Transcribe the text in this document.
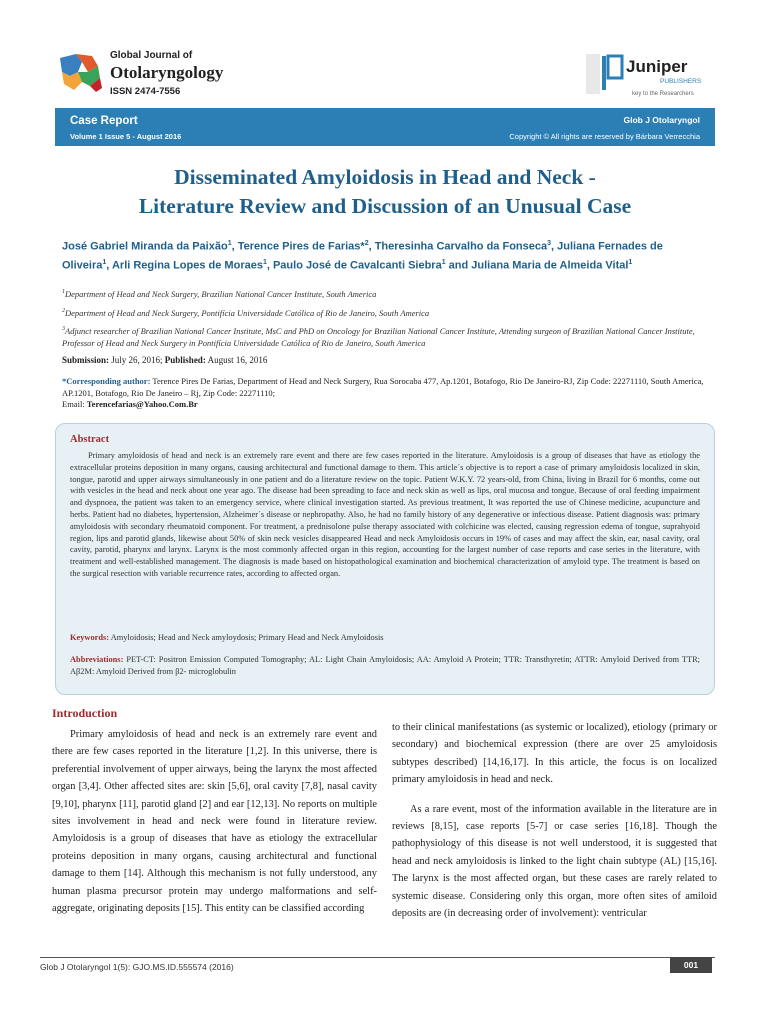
Global Journal of
Otolaryngology
ISSN 2474-7556
Juniper
PUBLISHERS
key to the Researchers
Case Report
Volume 1 Issue 5 - August 2016
Glob J Otolaryngol
Copyright © All rights are reserved by Bárbara Verrecchia
Disseminated Amyloidosis in Head and Neck -
Literature Review and Discussion of an Unusual Case
José Gabriel Miranda da Paixão$^1$, Terence Pires de Farias*$^2$, Theresinha Carvalho da Fonseca$^3$, Juliana Fernades de Oliveira$^1$, Arli Regina Lopes de Moraes$^1$, Paulo José de Cavalcanti Siebra$^1$ and Juliana Maria de Almeida Vital$^1$
$^1$Department of Head and Neck Surgery, Brazilian National Cancer Institute, South America
$^2$Department of Head and Neck Surgery, Pontifícia Universidade Católica of Rio de Janeiro, South America
$^3$Adjunct researcher of Brazilian National Cancer Institute, MsC and PhD on Oncology for Brazilian National Cancer Institute, Attending surgeon of Brazilian National Cancer Institute, Professor of Head and Neck Surgery in Pontifícia Universidade Católica of Rio de Janeiro, South America
Submission: July 26, 2016; Published: August 16, 2016
*Corresponding author: Terence Pires De Farias, Department of Head and Neck Surgery, Rua Sorocaba 477, Ap.1201, Botafogo, Rio De Janeiro-RJ, Zip Code: 22271110, South America, AP.1201, Botafogo, Rio De Janeiro – Rj, Zip Code: 22271110;
Email: Terencefarias@Yahoo.Com.Br
Abstract
Primary amyloidosis of head and neck is an extremely rare event and there are few cases reported in the literature. Amyloidosis is a group of diseases that have as etiology the extracellular proteins deposition in many organs, causing architectural and functional damage to them. This article´s objective is to report a case of primary amyloidosis localized in skin, tongue, parotid and upper airways simultaneously in one patient and do a literature review on the topic. Patient W.K.Y. 72 years-old, from China, living in Brazil for 6 months, come out with vesicles in the head and neck about one year ago. The disease had been spreading to face and neck skin as well as lips, oral mucosa and tongue. Because of oral feeding impairment and dyspnoea, the patient was taken to an emergency service, where clinical investigation started. As previous treatment, It was reported the use of Chinese medicine, acupuncture and herbs. Patient had no diabetes, hypertension, Alzheimer´s disease or nephropathy. Also, he had no family history of any degenerative or infectious disease. Patient diagnosis was: primary amyloidosis with secondary rheumatoid component. For treatment, a prednisolone pulse therapy associated with colchicine was elected, causing regression edema of tongue, suprahyoid region, lips and parotid glands, likewise about 50% of skin neck vesicles disappeared Head and neck Amyloidosis occurs in 19% of cases and may affect the skin, ear, nasal cavity, oral cavity, parotid, pharynx and larynx. Larynx is the most commonly affected organ in this region, accounting for the largest number of case reports and case series in the literature, with treatment and well-established management. The diagnosis is made based on histopathological examination and biochemical characterization of amyloid type. The treatment is based on the surgical resection with variable recurrence rates, according to affected organ.
Keywords: Amyloidosis; Head and Neck amyloydosis; Primary Head and Neck Amyloidosis
Abbreviations: PET-CT: Positron Emission Computed Tomography; AL: Light Chain Amyloidosis; AA: Amyloid A Protein; TTR: Transthyretin; ATTR: Amyloid Derived from TTR; Aβ2M: Amyloid Derived from β2- microglobulin
Introduction

Primary amyloidosis of head and neck is an extremely rare event and there are few cases reported in the literature [1,2]. In this universe, there is preferential involvement of upper airways, being the larynx the most affected organ [3,4]. Other affected sites are: skin [5,6], oral cavity [7,8], nasal cavity [9,10], pharynx [11], parotid gland [2] and ear [12,13]. No reports on multiple sites involvement in head and neck were found in literature review. Amyloidosis is a group of diseases that have as etiology the extracellular proteins deposition in many organs, causing architectural and functional damage to them [14]. Although this mechanism is not fully understood, any human plasma precursor protein may undergo malformations and self-aggregate, originating deposits [15]. This entity can be classified according

to their clinical manifestations (as systemic or localized), etiology (primary or secondary) and biochemical expression (there are over 25 amyloidosis subtypes described) [14,16,17]. In this article, the focus is on localized primary amyloidosis in head and neck.

As a rare event, most of the information available in the literature are in reviews [8,15], case reports [5-7] or case series [16,18]. Though the pathophysiology of this disease is not well understood, it is suggested that head and neck amyloidosis is linked to the light chain subtype (AL) [15,16]. The larynx is the most affected organ, but these cases are rarely related to systemic disease. Considering only this organ, more often sites of amiloid deposits are (in decreasing order of involvement): ventricular

Glob J Otolaryngol 1(5): GJO.MS.ID.555574 (2016)	001
